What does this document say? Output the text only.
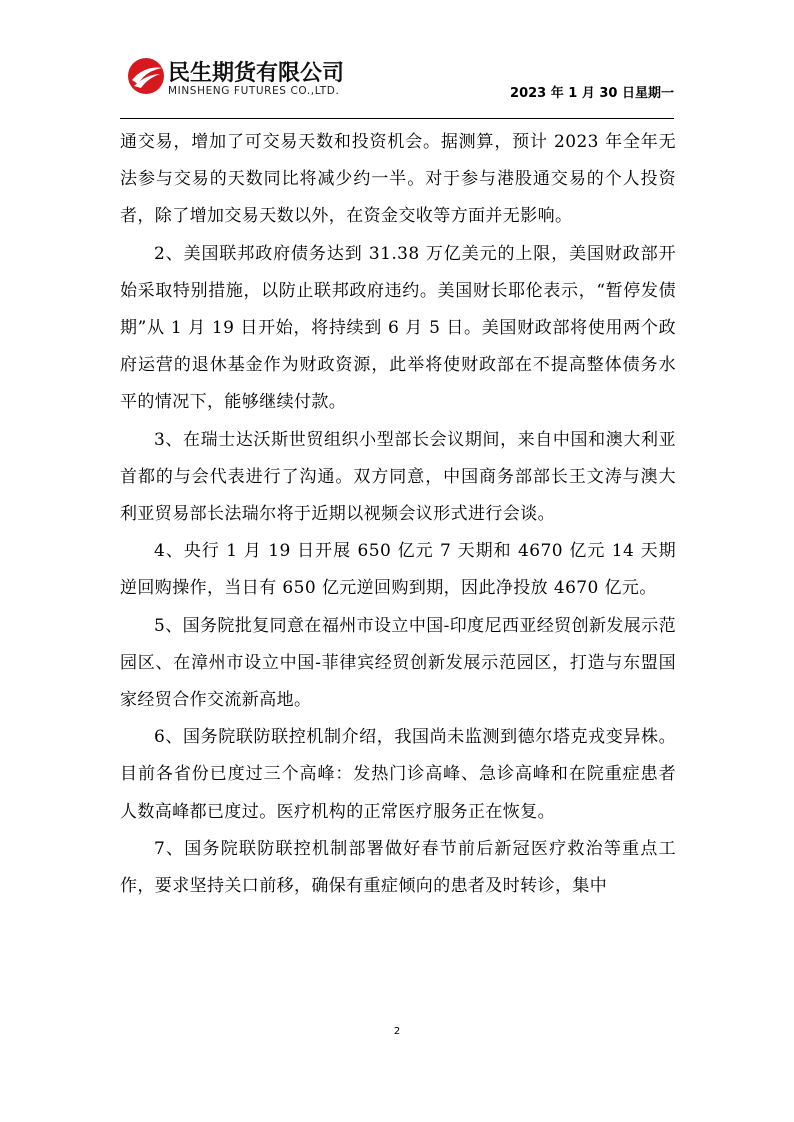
民生期货有限公司
MINSHENG FUTURES CO.,LTD.	2023 年 1 月 30 日星期一

通交易，增加了可交易天数和投资机会。据测算，预计 2023 年全年无法参与交易的天数同比将减少约一半。对于参与港股通交易的个人投资者，除了增加交易天数以外，在资金交收等方面并无影响。

2、美国联邦政府债务达到 31.38 万亿美元的上限，美国财政部开始采取特别措施，以防止联邦政府违约。美国财长耶伦表示，“暂停发债期”从 1 月 19 日开始，将持续到 6 月 5 日。美国财政部将使用两个政府运营的退休基金作为财政资源，此举将使财政部在不提高整体债务水平的情况下，能够继续付款。

3、在瑞士达沃斯世贸组织小型部长会议期间，来自中国和澳大利亚首都的与会代表进行了沟通。双方同意，中国商务部部长王文涛与澳大利亚贸易部长法瑞尔将于近期以视频会议形式进行会谈。

4、央行 1 月 19 日开展 650 亿元 7 天期和 4670 亿元 14 天期逆回购操作，当日有 650 亿元逆回购到期，因此净投放 4670 亿元。

5、国务院批复同意在福州市设立中国-印度尼西亚经贸创新发展示范园区、在漳州市设立中国-菲律宾经贸创新发展示范园区，打造与东盟国家经贸合作交流新高地。

6、国务院联防联控机制介绍，我国尚未监测到德尔塔克戎变异株。目前各省份已度过三个高峰：发热门诊高峰、急诊高峰和在院重症患者人数高峰都已度过。医疗机构的正常医疗服务正在恢复。

7、国务院联防联控机制部署做好春节前后新冠医疗救治等重点工作，要求坚持关口前移，确保有重症倾向的患者及时转诊，集中

2
